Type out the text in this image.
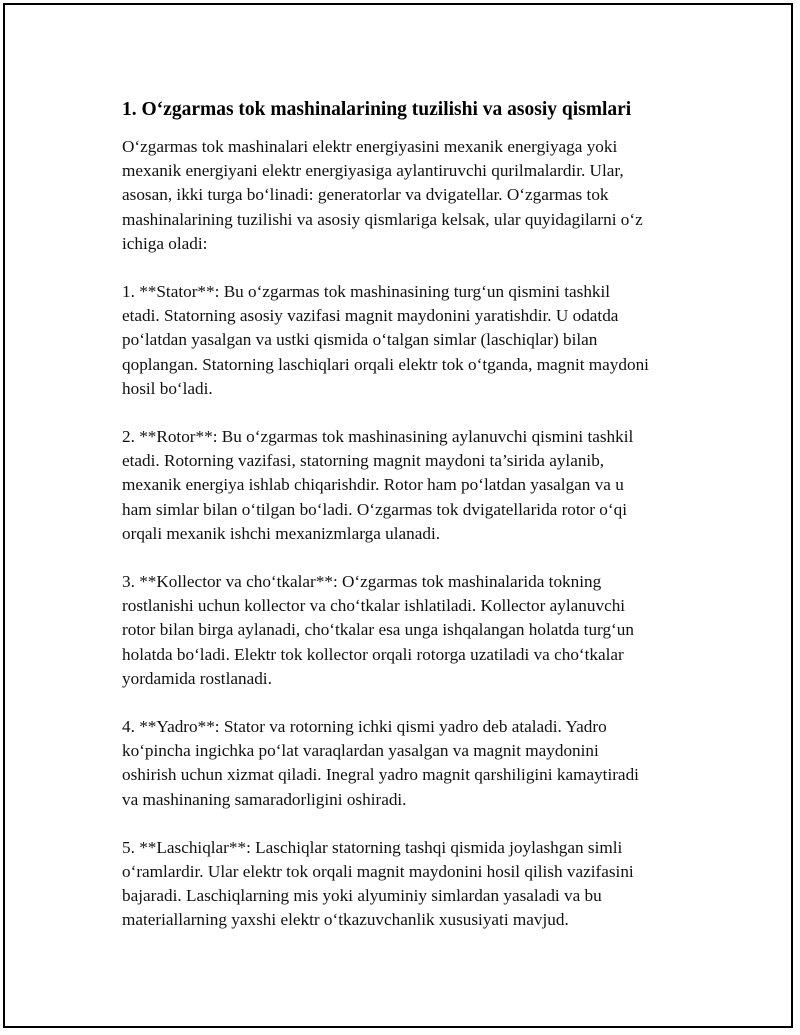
1. O‘zgarmas tok mashinalarining tuzilishi va asosiy qismlari
O‘zgarmas tok mashinalari elektr energiyasini mexanik energiyaga yoki
mexanik energiyani elektr energiyasiga aylantiruvchi qurilmalardir. Ular,
asosan, ikki turga bo‘linadi: generatorlar va dvigatellar. O‘zgarmas tok
mashinalarining tuzilishi va asosiy qismlariga kelsak, ular quyidagilarni o‘z
ichiga oladi:
1. **Stator**: Bu o‘zgarmas tok mashinasining turg‘un qismini tashkil
etadi. Statorning asosiy vazifasi magnit maydonini yaratishdir. U odatda
po‘latdan yasalgan va ustki qismida o‘talgan simlar (laschiqlar) bilan
qoplangan. Statorning laschiqlari orqali elektr tok o‘tganda, magnit maydoni
hosil bo‘ladi.
2. **Rotor**: Bu o‘zgarmas tok mashinasining aylanuvchi qismini tashkil
etadi. Rotorning vazifasi, statorning magnit maydoni ta’sirida aylanib,
mexanik energiya ishlab chiqarishdir. Rotor ham po‘latdan yasalgan va u
ham simlar bilan o‘tilgan bo‘ladi. O‘zgarmas tok dvigatellarida rotor o‘qi
orqali mexanik ishchi mexanizmlarga ulanadi.
3. **Kollector va cho‘tkalar**: O‘zgarmas tok mashinalarida tokning
rostlanishi uchun kollector va cho‘tkalar ishlatiladi. Kollector aylanuvchi
rotor bilan birga aylanadi, cho‘tkalar esa unga ishqalangan holatda turg‘un
holatda bo‘ladi. Elektr tok kollector orqali rotorga uzatiladi va cho‘tkalar
yordamida rostlanadi.
4. **Yadro**: Stator va rotorning ichki qismi yadro deb ataladi. Yadro
ko‘pincha ingichka po‘lat varaqlardan yasalgan va magnit maydonini
oshirish uchun xizmat qiladi. Inegral yadro magnit qarshiligini kamaytiradi
va mashinaning samaradorligini oshiradi.
5. **Laschiqlar**: Laschiqlar statorning tashqi qismida joylashgan simli
o‘ramlardir. Ular elektr tok orqali magnit maydonini hosil qilish vazifasini
bajaradi. Laschiqlarning mis yoki alyuminiy simlardan yasaladi va bu
materiallarning yaxshi elektr o‘tkazuvchanlik xususiyati mavjud.
